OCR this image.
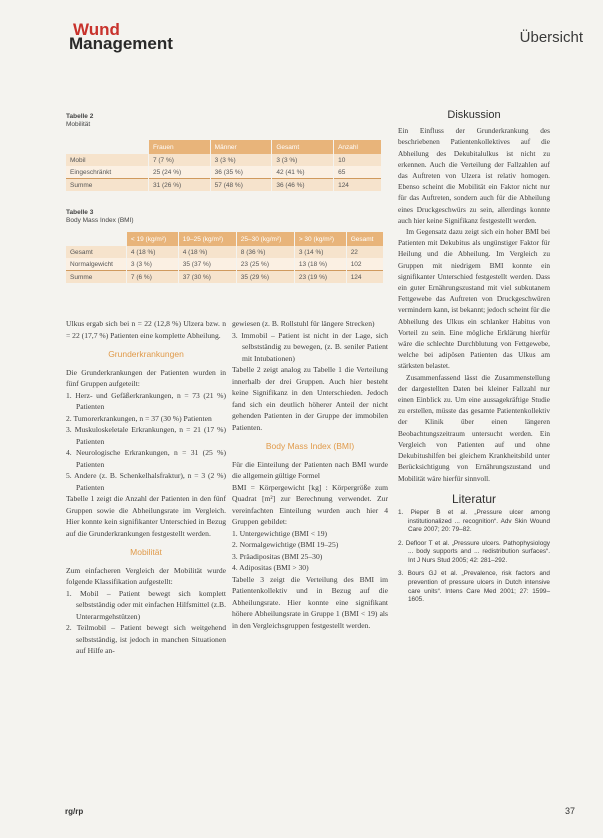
Wund
Management	Übersicht
Tabelle 2
Mobilität
	Frauen	Männer	Gesamt	Anzahl
Mobil	7 (7 %)	3 (3 %)	3 (3 %)	10
Eingeschränkt	25 (24 %)	36 (35 %)	42 (41 %)	65
Summe	31 (26 %)	57 (48 %)	36 (46 %)	124
Tabelle 3
Body Mass Index (BMI)
	< 19 (kg/m²)	19–25 (kg/m²)	25–30 (kg/m²)	> 30 (kg/m²)	Gesamt
Gesamt	4 (18 %)	4 (18 %)	8 (36 %)	3 (14 %)	22
Normalgewicht	3 (3 %)	35 (37 %)	23 (25 %)	13 (18 %)	102
Summe	7 (6 %)	37 (30 %)	35 (29 %)	23 (19 %)	124

Ulkus ergab sich bei n = 22 (12,8 %) Ulzera bzw. n = 22 (17,7 %) Patienten eine komplette Abheilung.

Grunderkrankungen

Die Grunderkrankungen der Patienten wurden in fünf Gruppen aufgeteilt:

1. Herz- und Gefäßerkrankungen, n = 73 (21 %) Patienten
2. Tumorerkrankungen, n = 37 (30 %) Patienten
3. Muskuloskeletale Erkrankungen, n = 21 (17 %) Patienten
4. Neurologische Erkrankungen, n = 31 (25 %) Patienten
5. Andere (z. B. Schenkelhalsfraktur), n = 3 (2 %) Patienten

Tabelle 1 zeigt die Anzahl der Patienten in den fünf Gruppen sowie die Abheilungsrate im Vergleich. Hier konnte kein signifikanter Unterschied in Bezug auf die Grunderkrankungen festgestellt werden.

Mobilität

Zum einfacheren Vergleich der Mobilität wurde folgende Klassifikation aufgestellt:

1. Mobil – Patient bewegt sich komplett selbstständig oder mit einfachen Hilfsmittel (z.B. Unterarmgehstützen)
2. Teilmobil – Patient bewegt sich weitgehend selbstständig, ist jedoch in manchen Situationen auf Hilfe an-
gewiesen (z. B. Rollstuhl für längere Strecken)
3. Immobil – Patient ist nicht in der Lage, sich selbstständig zu bewegen, (z. B. seniler Patient mit Intubationen)

Tabelle 2 zeigt analog zu Tabelle 1 die Verteilung innerhalb der drei Gruppen. Auch hier besteht keine Signifikanz in den Unterschieden. Jedoch fand sich ein deutlich höherer Anteil der nicht gehenden Patienten in der Gruppe der immobilen Patienten.

Body Mass Index (BMI)

Für die Einteilung der Patienten nach BMI wurde die allgemein gültige Formel

BMI = Körpergewicht [kg] : Körpergröße zum Quadrat [m²] zur Berechnung verwendet. Zur vereinfachten Einteilung wurden auch hier 4 Gruppen gebildet:

1. Untergewichtige (BMI < 19)
2. Normalgewichtige (BMI 19–25)
3. Präadipositas (BMI 25–30)
4. Adipositas (BMI > 30)

Tabelle 3 zeigt die Verteilung des BMI im Patientenkollektiv und in Bezug auf die Abheilungsrate. Hier konnte eine signifikant höhere Abheilungsrate in Gruppe 1 (BMI < 19) als in den Vergleichsgruppen festgestellt werden.

Diskussion

Ein Einfluss der Grunderkrankung des beschriebenen Patientenkollektives auf die Abheilung des Dekubitalulkus ist nicht zu erkennen. Auch die Verteilung der Fallzahlen auf das Auftreten von Ulzera ist relativ homogen. Ebenso scheint die Mobilität ein Faktor nicht nur für das Auftreten, sondern auch für die Abheilung eines Druckgeschwürs zu sein, allerdings konnte auch hier keine Signifikanz festgestellt werden.

Im Gegensatz dazu zeigt sich ein hoher BMI bei Patienten mit Dekubitus als ungünstiger Faktor für Heilung und die Abheilung. Im Vergleich zu Gruppen mit niedrigem BMI konnte ein signifikanter Unterschied festgestellt werden. Dass ein guter Ernährungszustand mit viel subkutanem Fettgewebe das Auftreten von Druckgeschwüren vermindern kann, ist bekannt; jedoch scheint für die Abheilung des Ulkus ein schlanker Habitus von Vorteil zu sein. Eine mögliche Erklärung hierfür wäre die schlechte Durchblutung von Fettgewebe, welche bei adipösen Patienten das Ulkus am stärksten belastet.

Zusammenfassend lässt die Zusammenstellung der dargestellten Daten bei kleiner Fallzahl nur einen Einblick zu. Um eine aussagekräftige Studie zu erstellen, müsste das gesamte Patientenkollektiv der Klinik über einen längeren Beobachtungszeitraum untersucht werden. Ein Vergleich von Patienten auf und ohne Dekubitushilfen bei gleichem Krankheitsbild unter Berücksichtigung von Ernährungszustand und Mobilität wäre hierfür sinnvoll.

Literatur
1. Pieper B et al. „Pressure ulcer among institutionalized ... recognition“. Adv Skin Wound Care 2007; 20: 79–82.
2. Defloor T et al. „Pressure ulcers. Pathophysiology ... body supports and ... redistribution surfaces“. Int J Nurs Stud 2005; 42: 281–292.
3. Bours GJ et al. „Prevalence, risk factors and prevention of pressure ulcers in Dutch intensive care units“. Intens Care Med 2001; 27: 1599–1605.
rg/rp	37
